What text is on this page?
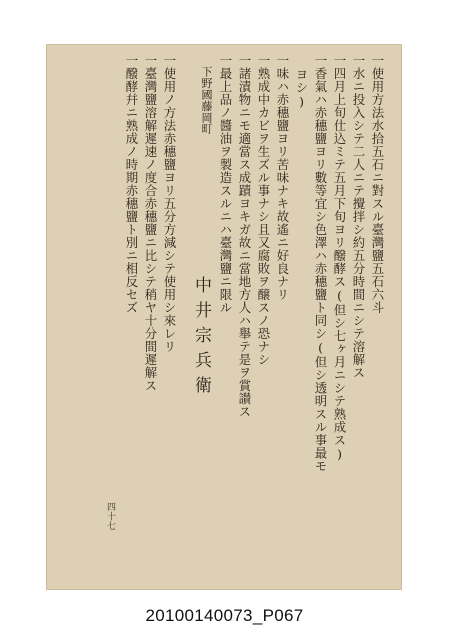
一使用方法水拾五石ニ對スル臺灣鹽五石六斗
一水ニ投入シテ二人ニテ攪拌シ約五分時間ニシテ溶解ス
一四月上旬仕込ミテ五月下旬ヨリ醱酵ス(但シ七ヶ月ニシテ熟成ス)
一香氣ハ赤穗鹽ヨリ數等宜シ色澤ハ赤穗鹽ト同シ(但シ透明スル事最モ
ヨシ)
一味ハ赤穗鹽ヨリ苦味ナキ故遙ニ好良ナリ
一熟成中カビヲ生ズル事ナシ且又腐敗ヲ醸スノ恐ナシ
一諸漬物ニモ適當ス成蹟ヨキガ故ニ當地方人ハ舉テ是ヲ賞讃ス
一最上品ノ醬油ヲ製造スルニハ臺灣鹽ニ限ル
下野國藤岡町
中井宗兵衛
一使用ノ方法赤穗鹽ヨリ五分方減シテ使用シ來レリ
一臺灣鹽溶解遲速ノ度合赤穗鹽ニ比シテ稍ヤ十分間遲解ス
一醱酵幷ニ熟成ノ時期赤穗鹽ト別ニ相反セズ
四十七
20100140073_P067
